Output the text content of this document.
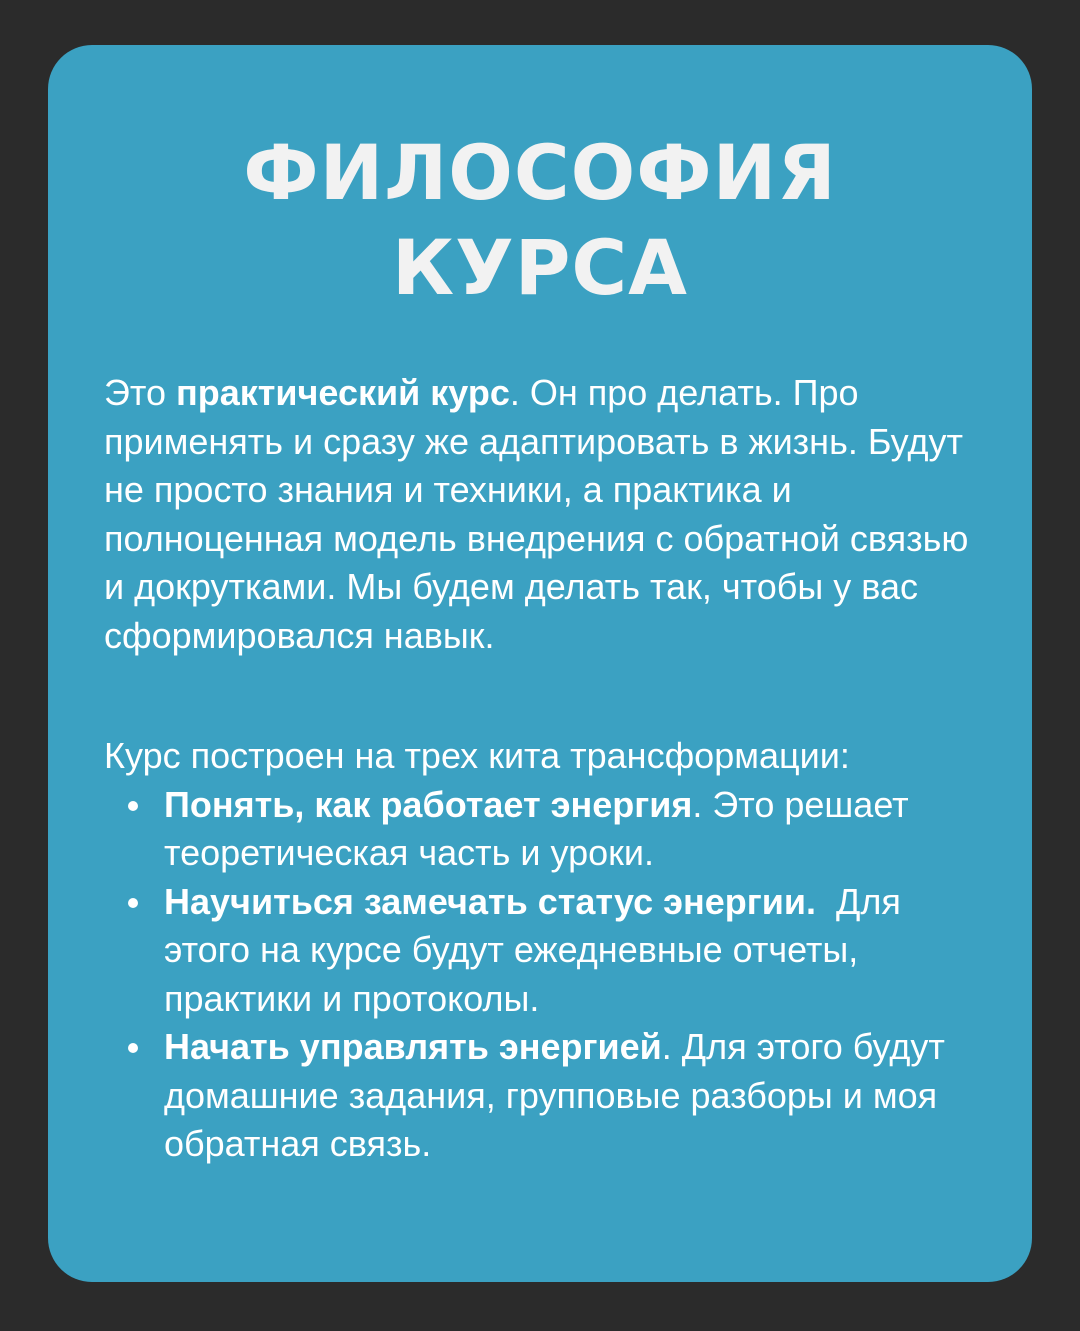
ФИЛОСОФИЯ
КУРСА

Это практический курс. Он про делать. Про применять и сразу же адаптировать в жизнь. Будут не просто знания и техники, а практика и полноценная модель внедрения с обратной связью и докрутками. Мы будем делать так, чтобы у вас сформировался навык.

Курс построен на трех кита трансформации:

Понять, как работает энергия. Это решает теоретическая часть и уроки.
Научиться замечать статус энергии.  Для этого на курсе будут ежедневные отчеты, практики и протоколы.
Начать управлять энергией. Для этого будут домашние задания, групповые разборы и моя обратная связь.
